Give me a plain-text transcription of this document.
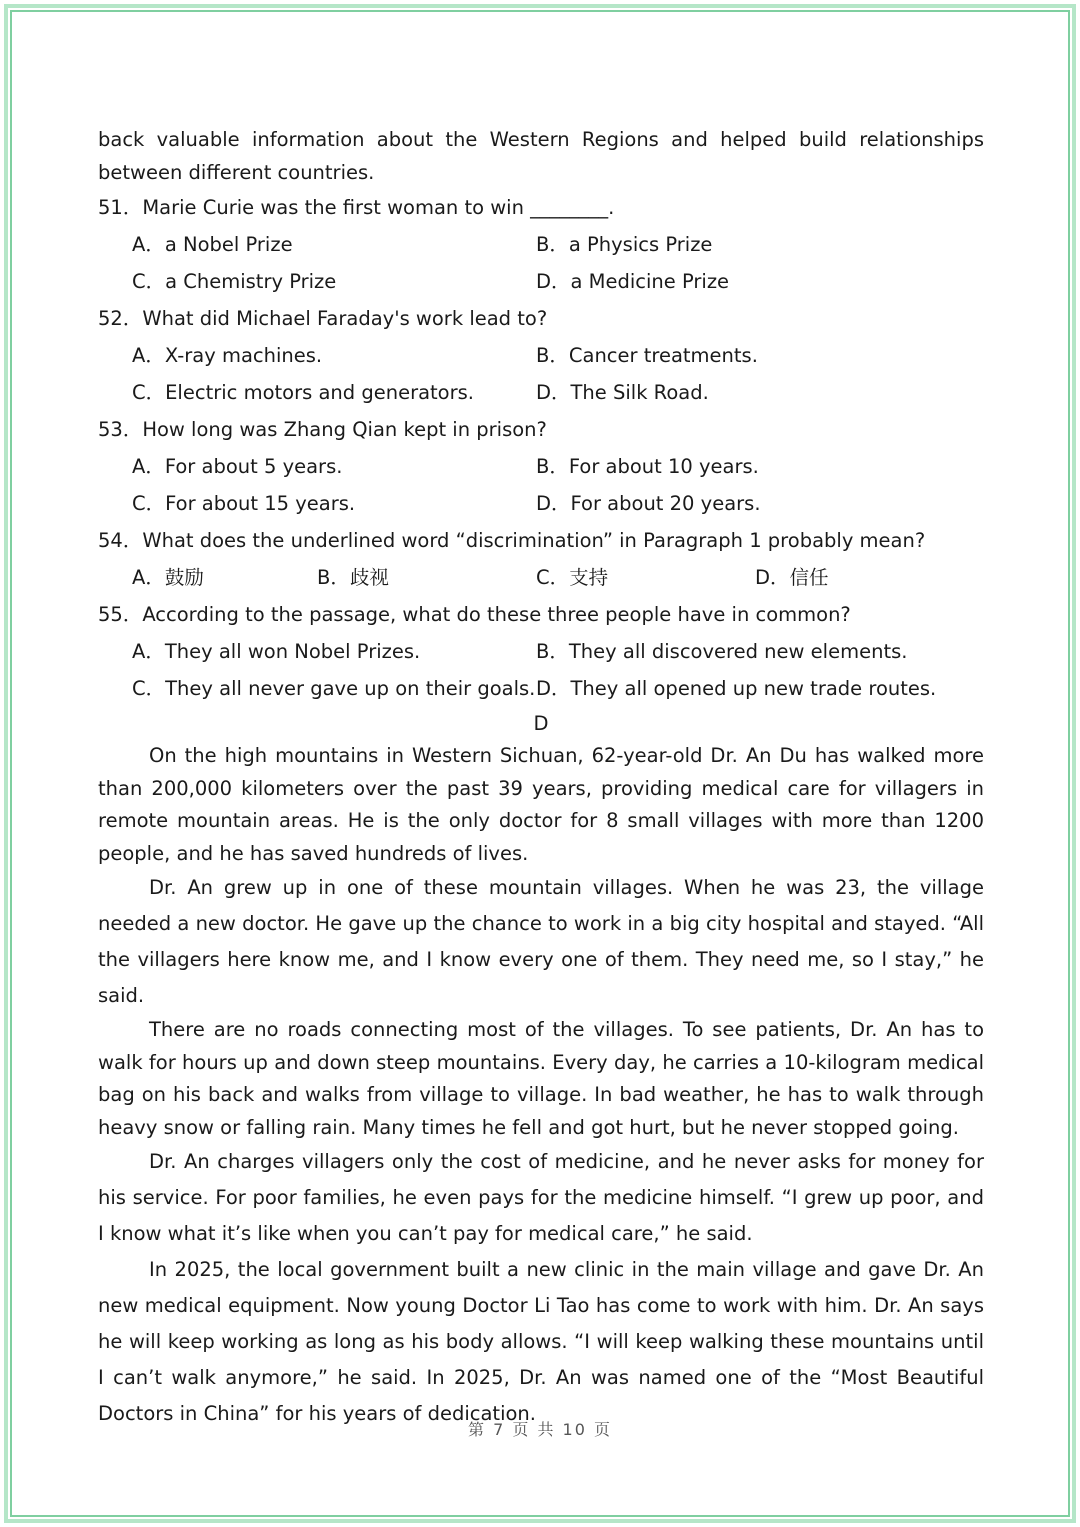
back valuable information about the Western Regions and helped build relationships between different countries.

51．Marie Curie was the first woman to win ________.

A．a Nobel Prize	B．a Physics Prize
C．a Chemistry Prize	D．a Medicine Prize

52．What did Michael Faraday's work lead to?

A．X-ray machines.	B．Cancer treatments.
C．Electric motors and generators.	D．The Silk Road.

53．How long was Zhang Qian kept in prison?

A．For about 5 years.	B．For about 10 years.
C．For about 15 years.	D．For about 20 years.

54．What does the underlined word “discrimination” in Paragraph 1 probably mean?

A．鼓励	B．歧视	C．支持	D．信任

55．According to the passage, what do these three people have in common?

A．They all won Nobel Prizes.	B．They all discovered new elements.
C．They all never gave up on their goals. D．They all opened up new trade routes.
D

On the high mountains in Western Sichuan, 62-year-old Dr. An Du has walked more than 200,000 kilometers over the past 39 years, providing medical care for villagers in remote mountain areas. He is the only doctor for 8 small villages with more than 1200 people, and he has saved hundreds of lives.

Dr. An grew up in one of these mountain villages. When he was 23, the village needed a new doctor. He gave up the chance to work in a big city hospital and stayed. “All the villagers here know me, and I know every one of them. They need me, so I stay,” he said.

There are no roads connecting most of the villages. To see patients, Dr. An has to walk for hours up and down steep mountains. Every day, he carries a 10-kilogram medical bag on his back and walks from village to village. In bad weather, he has to walk through heavy snow or falling rain. Many times he fell and got hurt, but he never stopped going.

Dr. An charges villagers only the cost of medicine, and he never asks for money for his service. For poor families, he even pays for the medicine himself. “I grew up poor, and I know what it’s like when you can’t pay for medical care,” he said.

In 2025, the local government built a new clinic in the main village and gave Dr. An new medical equipment. Now young Doctor Li Tao has come to work with him. Dr. An says he will keep working as long as his body allows. “I will keep walking these mountains until I can’t walk anymore,” he said. In 2025, Dr. An was named one of the “Most Beautiful Doctors in China” for his years of dedication.

第 7 页 共 10 页
